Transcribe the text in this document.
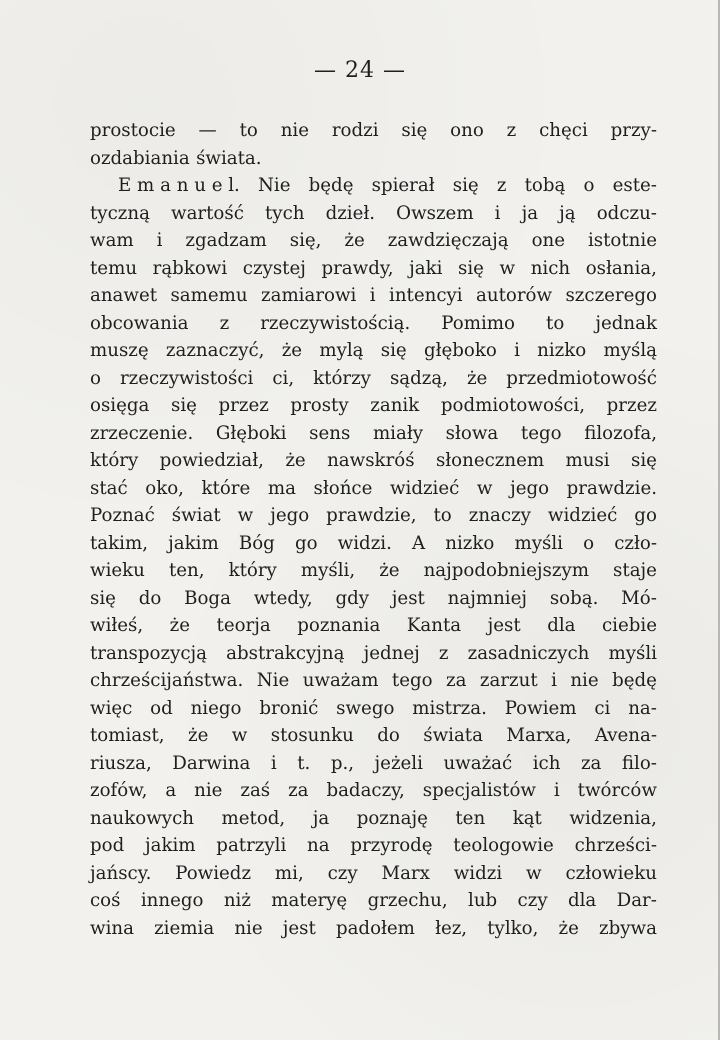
— 24 —
prostocie — to nie rodzi się ono z chęci przy-
ozdabiania świata.
E m a n u e l. Nie będę spierał się z tobą o este-
tyczną wartość tych dzieł. Owszem i ja ją odczu-
wam i zgadzam się, że zawdzięczają one istotnie
temu rąbkowi czystej prawdy, jaki się w nich osłania,
anawet samemu zamiarowi i intencyi autorów szczerego
obcowania z rzeczywistością. Pomimo to jednak
muszę zaznaczyć, że mylą się głęboko i nizko myślą
o rzeczywistości ci, którzy sądzą, że przedmiotowość
osięga się przez prosty zanik podmiotowości, przez
zrzeczenie. Głęboki sens miały słowa tego filozofa,
który powiedział, że nawskróś słonecznem musi się
stać oko, które ma słońce widzieć w jego prawdzie.
Poznać świat w jego prawdzie, to znaczy widzieć go
takim, jakim Bóg go widzi. A nizko myśli o czło-
wieku ten, który myśli, że najpodobniejszym staje
się do Boga wtedy, gdy jest najmniej sobą. Mó-
wiłeś, że teorja poznania Kanta jest dla ciebie
transpozycją abstrakcyjną jednej z zasadniczych myśli
chrześcijaństwa. Nie uważam tego za zarzut i nie będę
więc od niego bronić swego mistrza. Powiem ci na-
tomiast, że w stosunku do świata Marxa, Avena-
riusza, Darwina i t. p., jeżeli uważać ich za filo-
zofów, a nie zaś za badaczy, specjalistów i twórców
naukowych metod, ja poznaję ten kąt widzenia,
pod jakim patrzyli na przyrodę teologowie chrześci-
jańscy. Powiedz mi, czy Marx widzi w człowieku
coś innego niż materyę grzechu, lub czy dla Dar-
wina ziemia nie jest padołem łez, tylko, że zbywa
